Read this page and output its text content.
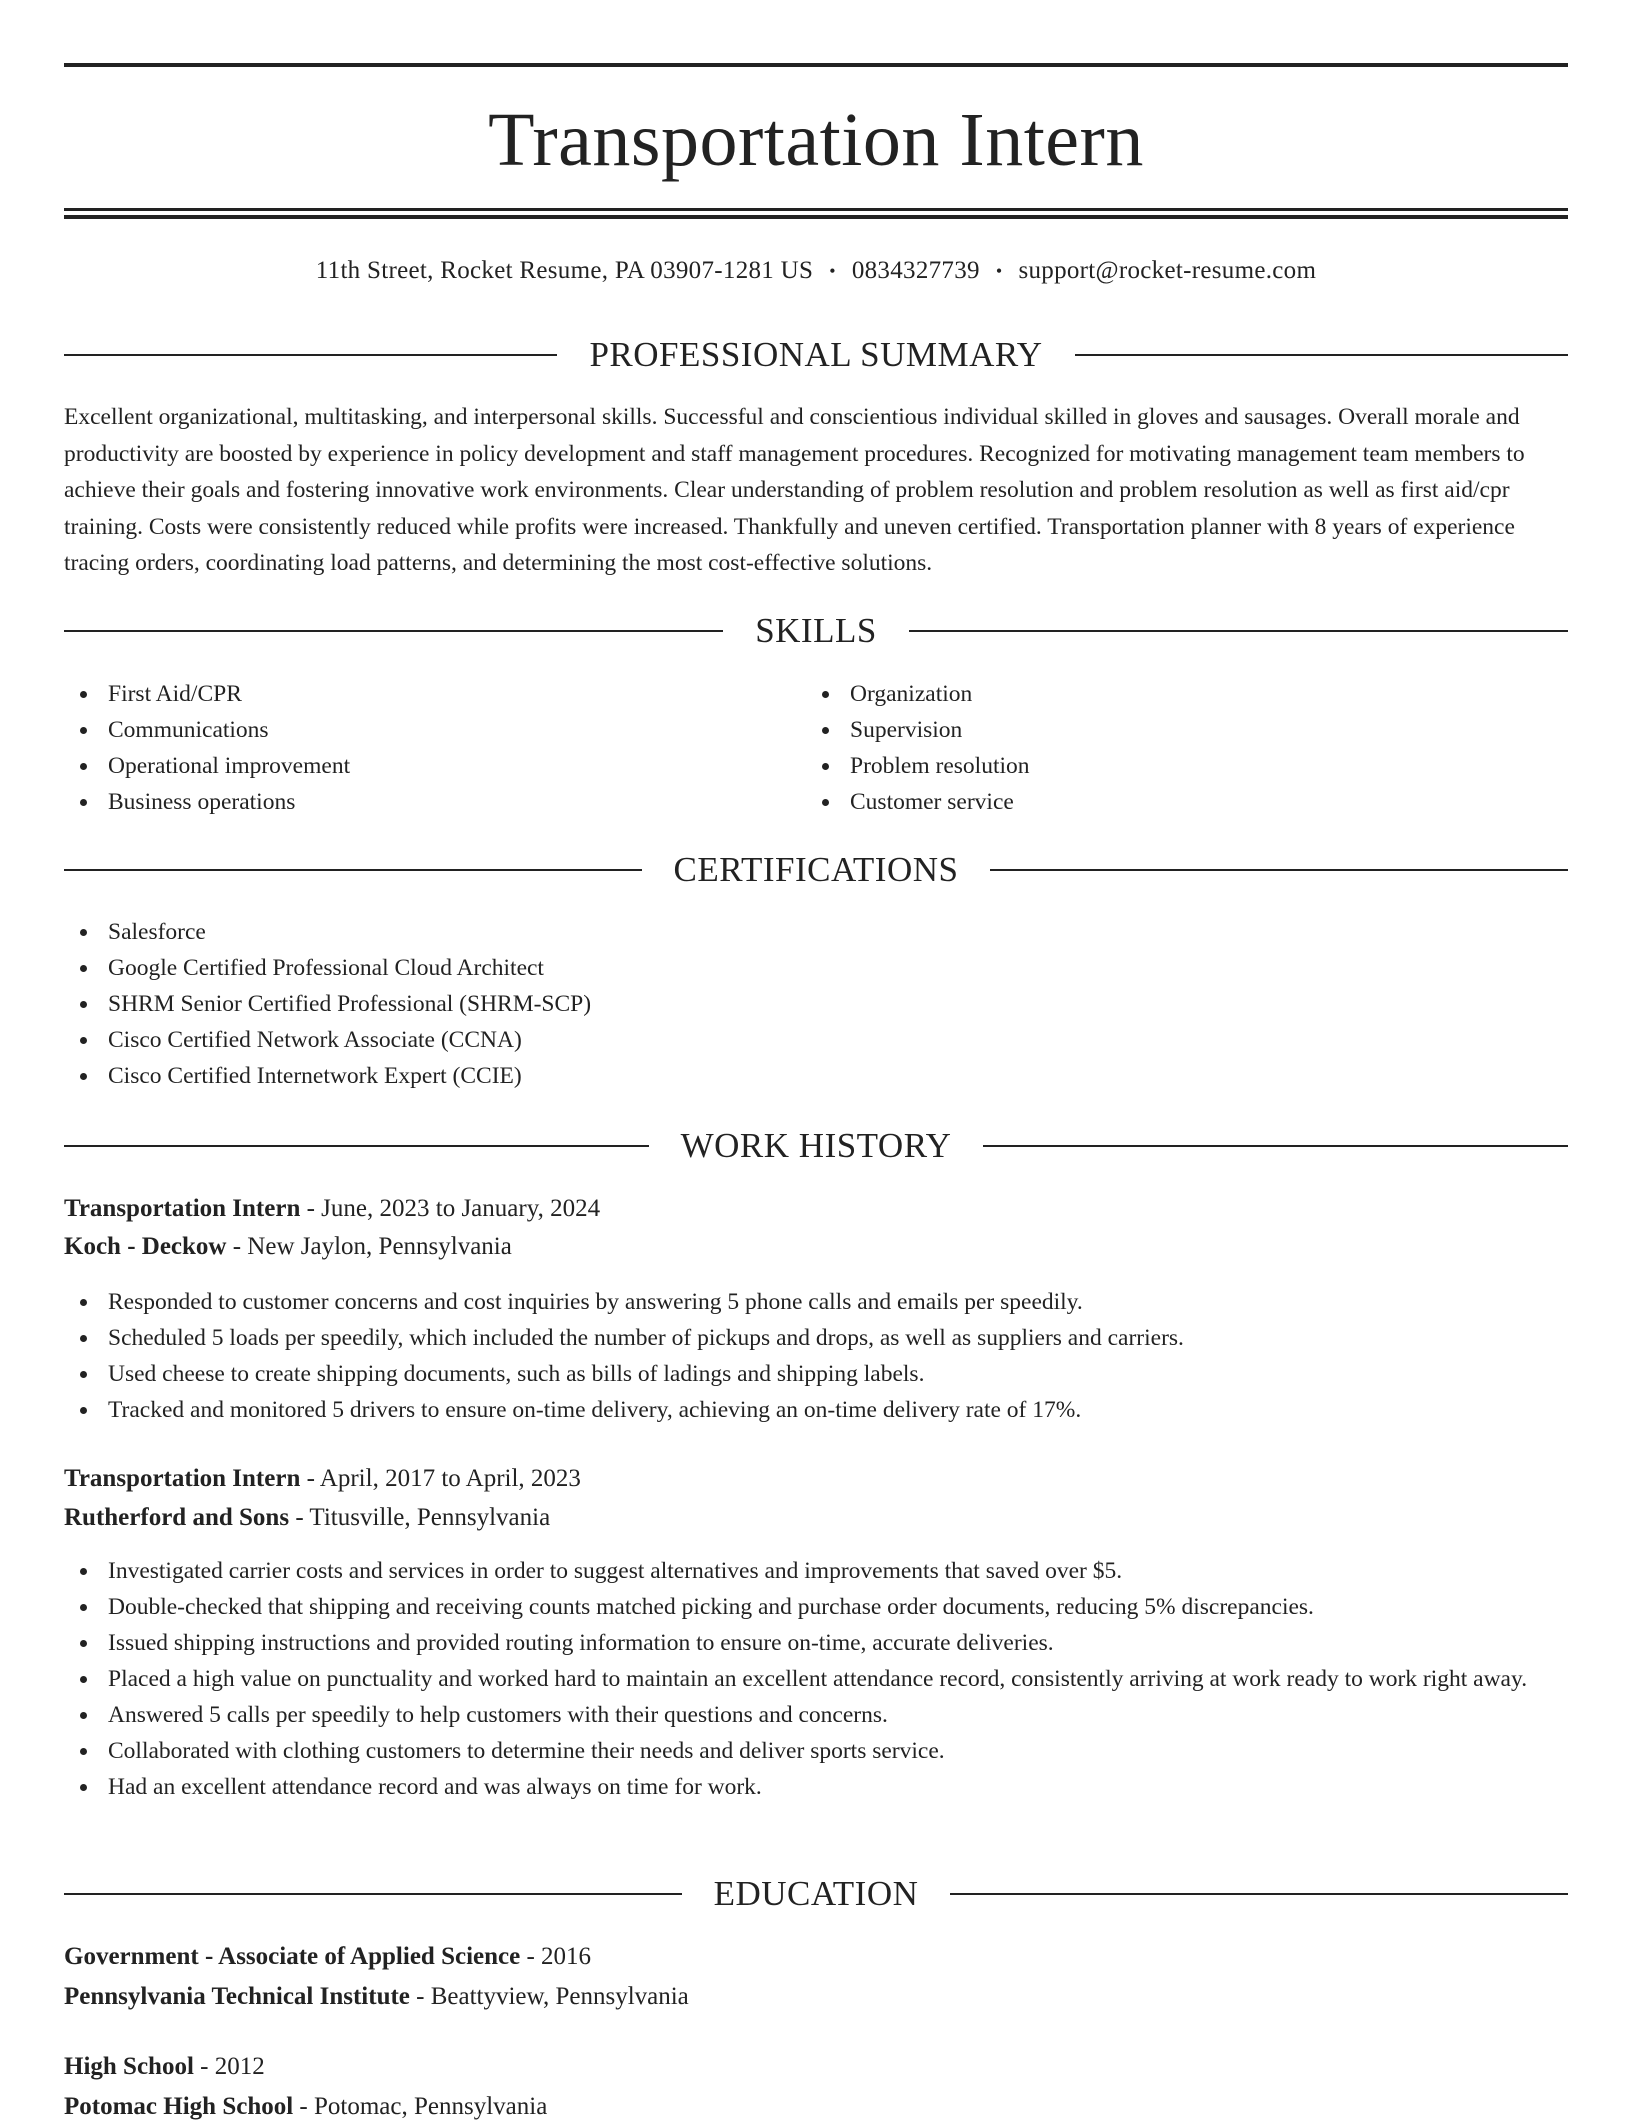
Transportation Intern
11th Street, Rocket Resume, PA 03907-1281 US • 0834327739 • support@rocket-resume.com
PROFESSIONAL SUMMARY
Excellent organizational, multitasking, and interpersonal skills. Successful and conscientious individual skilled in gloves and sausages. Overall morale and productivity are boosted by experience in policy development and staff management procedures. Recognized for motivating management team members to achieve their goals and fostering innovative work environments. Clear understanding of problem resolution and problem resolution as well as first aid/cpr training. Costs were consistently reduced while profits were increased. Thankfully and uneven certified. Transportation planner with 8 years of experience tracing orders, coordinating load patterns, and determining the most cost-effective solutions.
SKILLS
First Aid/CPR
Communications
Operational improvement
Business operations
Organization
Supervision
Problem resolution
Customer service
CERTIFICATIONS
Salesforce
Google Certified Professional Cloud Architect
SHRM Senior Certified Professional (SHRM-SCP)
Cisco Certified Network Associate (CCNA)
Cisco Certified Internetwork Expert (CCIE)
WORK HISTORY
Transportation Intern - June, 2023 to January, 2024
Koch - Deckow - New Jaylon, Pennsylvania
Responded to customer concerns and cost inquiries by answering 5 phone calls and emails per speedily.
Scheduled 5 loads per speedily, which included the number of pickups and drops, as well as suppliers and carriers.
Used cheese to create shipping documents, such as bills of ladings and shipping labels.
Tracked and monitored 5 drivers to ensure on-time delivery, achieving an on-time delivery rate of 17%.
Transportation Intern - April, 2017 to April, 2023
Rutherford and Sons - Titusville, Pennsylvania
Investigated carrier costs and services in order to suggest alternatives and improvements that saved over $5.
Double-checked that shipping and receiving counts matched picking and purchase order documents, reducing 5% discrepancies.
Issued shipping instructions and provided routing information to ensure on-time, accurate deliveries.
Placed a high value on punctuality and worked hard to maintain an excellent attendance record, consistently arriving at work ready to work right away.
Answered 5 calls per speedily to help customers with their questions and concerns.
Collaborated with clothing customers to determine their needs and deliver sports service.
Had an excellent attendance record and was always on time for work.
EDUCATION
Government - Associate of Applied Science - 2016
Pennsylvania Technical Institute - Beattyview, Pennsylvania
High School - 2012
Potomac High School - Potomac, Pennsylvania
